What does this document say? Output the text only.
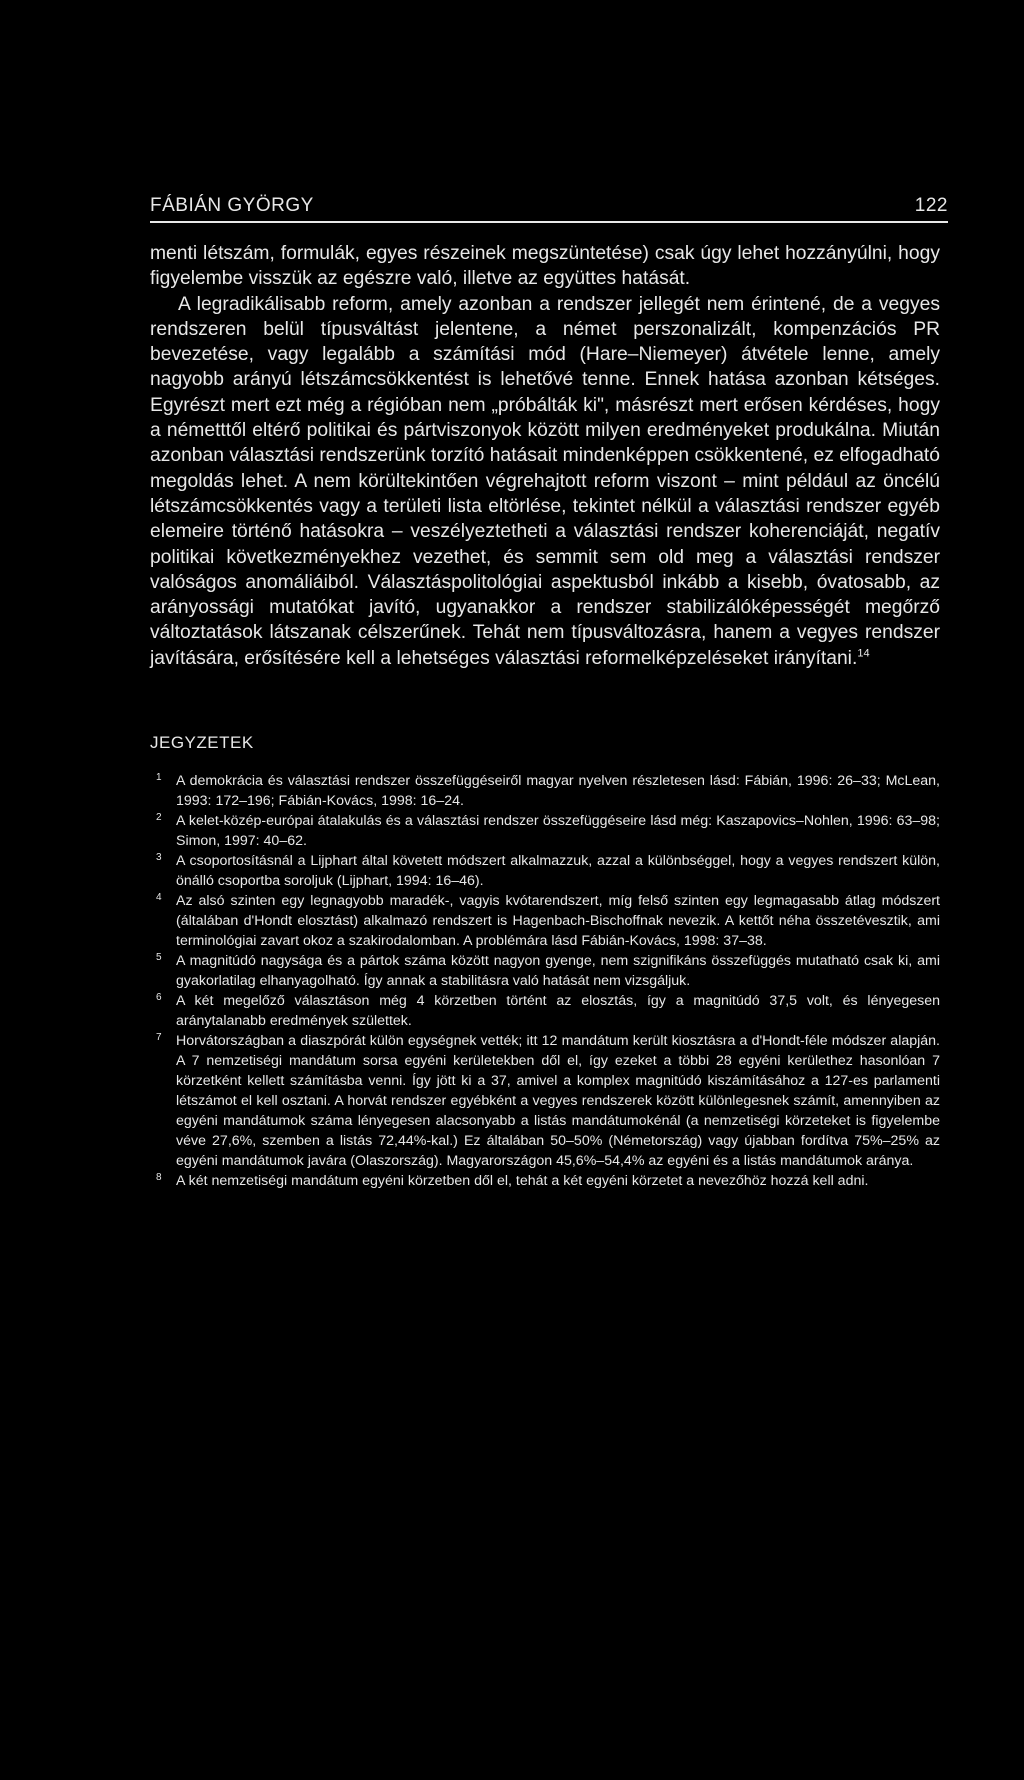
FÁBIÁN GYÖRGY	122

menti létszám, formulák, egyes részeinek megszüntetése) csak úgy lehet hozzányúlni, hogy figyelembe visszük az egészre való, illetve az együttes hatását.

A legradikálisabb reform, amely azonban a rendszer jellegét nem érintené, de a vegyes rendszeren belül típusváltást jelentene, a német perszonalizált, kompenzációs PR bevezetése, vagy legalább a számítási mód (Hare–Niemeyer) átvétele lenne, amely nagyobb arányú létszámcsökkentést is lehetővé tenne. Ennek hatása azonban kétséges. Egyrészt mert ezt még a régióban nem „próbálták ki", másrészt mert erősen kérdéses, hogy a németttől eltérő politikai és pártviszonyok között milyen eredményeket produkálna. Miután azonban választási rendszerünk torzító hatásait mindenképpen csökkentené, ez elfogadható megoldás lehet. A nem körültekintően végrehajtott reform viszont – mint például az öncélú létszámcsökkentés vagy a területi lista eltörlése, tekintet nélkül a választási rendszer egyéb elemeire történő hatásokra – veszélyeztetheti a választási rendszer koherenciáját, negatív politikai következményekhez vezethet, és semmit sem old meg a választási rendszer valóságos anomáliáiból. Választáspolitológiai aspektusból inkább a kisebb, óvatosabb, az arányossági mutatókat javító, ugyanakkor a rendszer stabilizálóképességét megőrző változtatások látszanak célszerűnek. Tehát nem típusváltozásra, hanem a vegyes rendszer javítására, erősítésére kell a lehetséges választási reformelképzeléseket irányítani.$^{14}$

JEGYZETEK
1	A demokrácia és választási rendszer összefüggéseiről magyar nyelven részletesen lásd: Fábián, 1996: 26–33; McLean, 1993: 172–196; Fábián-Kovács, 1998: 16–24.
2	A kelet-közép-európai átalakulás és a választási rendszer összefüggéseire lásd még: Kaszapovics–Nohlen, 1996: 63–98; Simon, 1997: 40–62.
3	A csoportosításnál a Lijphart által követett módszert alkalmazzuk, azzal a különbséggel, hogy a vegyes rendszert külön, önálló csoportba soroljuk (Lijphart, 1994: 16–46).
4	Az alsó szinten egy legnagyobb maradék-, vagyis kvótarendszert, míg felső szinten egy legmagasabb átlag módszert (általában d'Hondt elosztást) alkalmazó rendszert is Hagenbach-Bischoffnak nevezik. A kettőt néha összetévesztik, ami terminológiai zavart okoz a szakirodalomban. A problémára lásd Fábián-Kovács, 1998: 37–38.
5	A magnitúdó nagysága és a pártok száma között nagyon gyenge, nem szignifikáns összefüggés mutatható csak ki, ami gyakorlatilag elhanyagolható. Így annak a stabilitásra való hatását nem vizsgáljuk.
6	A két megelőző választáson még 4 körzetben történt az elosztás, így a magnitúdó 37,5 volt, és lényegesen aránytalanabb eredmények születtek.
7	Horvátországban a diaszpórát külön egységnek vették; itt 12 mandátum került kiosztásra a d'Hondt-féle módszer alapján. A 7 nemzetiségi mandátum sorsa egyéni kerületekben dől el, így ezeket a többi 28 egyéni kerülethez hasonlóan 7 körzetként kellett számításba venni. Így jött ki a 37, amivel a komplex magnitúdó kiszámításához a 127-es parlamenti létszámot el kell osztani. A horvát rendszer egyébként a vegyes rendszerek között különlegesnek számít, amennyiben az egyéni mandátumok száma lényegesen alacsonyabb a listás mandátumokénál (a nemzetiségi körzeteket is figyelembe véve 27,6%, szemben a listás 72,44%-kal.) Ez általában 50–50% (Németország) vagy újabban fordítva 75%–25% az egyéni mandátumok javára (Olaszország). Magyarországon 45,6%–54,4% az egyéni és a listás mandátumok aránya.
8	A két nemzetiségi mandátum egyéni körzetben dől el, tehát a két egyéni körzetet a nevezőhöz hozzá kell adni.
